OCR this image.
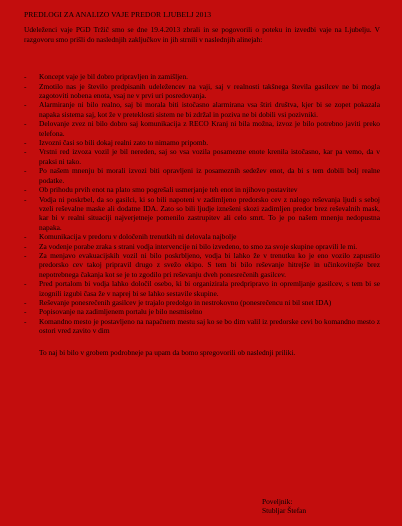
PREDLOGI ZA ANALIZO VAJE PREDOR LJUBELJ 2013

Udeleženci vaje PGD Tržič smo se dne 19.4.2013 zbrali in se pogovorili o poteku in izvedbi vaje na Ljubelju. V razgovoru smo prišli do naslednjih zaključkov in jih strnili v naslednjih alinejah:

- Koncept vaje je bil dobro pripravljen in zamišljen.
- Zmotilo nas je število predpisanih udeležencev na vaji, saj v realnosti takšnega števila gasilcev ne bi mogla zagotoviti nobena enota, vsaj ne v prvi uri posredovanja.
- Alarmiranje ni bilo realno, saj bi morala biti istočasno alarmirana vsa štiri društva, kjer bi se zopet pokazala napaka sistema saj, kot že v preteklosti sistem ne bi zdržal in poziva ne bi dobili vsi pozivniki.
- Delovanje zvez ni bilo dobro saj komunikacija z RECO Kranj ni bila možna, izvoz je bilo potrebno javiti preko telefona.
- Izvozni časi so bili dokaj realni zato to nimamo pripomb.
- Vrstni red izvoza vozil je bil nereden, saj so vsa vozila posamezne enote krenila istočasno, kar pa vemo, da v praksi ni tako.
- Po našem mnenju bi morali izvozi biti opravljeni iz posameznih sedežev enot, da bi s tem dobili bolj realne podatke.
- Ob prihodu prvih enot na plato smo pogrešali usmerjanje teh enot in njihovo postavitev
- Vodja ni poskrbel, da so gasilci, ki so bili napoteni v zadimljeno predorsko cev z nalogo reševanja ljudi s seboj vzeli reševalne maske ali dodatne IDA. Zato so bili ljudje iznešeni skozi zadimljen predor brez reševalnih mask, kar bi v realni situaciji najverjetneje pomenilo zastrupitev ali celo smrt. To je po našem mnenju nedopustna napaka.
- Komunikacija v predoru v določenih trenutkih ni delovala najbolje
- Za vodenje porabe zraka s strani vodja intervencije ni bilo izvedeno, to smo za svoje skupine opravili le mi.
- Za menjavo evakuacijskih vozil ni bilo poskrbljeno, vodja bi lahko že v trenutku ko je eno vozilo zapustilo predorsko cev takoj pripravil drugo z svežo ekipo. S tem bi bilo reševanje hitrejše in učinkovitejše brez nepotrebnega čakanja kot se je to zgodilo pri reševanju dveh ponesrečenih gasilcev.
- Pred portalom bi vodja lahko določil osebo, ki bi organizirala predpripravo in opremljanje gasilcev, s tem bi se izognili izgubi časa že v naprej bi se lahko sestavile skupine.
- Reševanje ponesrečenih gasilcev je trajalo predolgo in nestrokovno (ponesrečencu ni bil snet IDA)
- Popisovanje na zadimljenem portalu je bilo nesmiselno
- Komandno mesto je postavljeno na napačnem mestu saj ko se bo dim valil iz predorske cevi bo komandno mesto z ostori vred zavito v dim

To naj bi bilo v grobem podrobneje pa upam da bomo spregovorili ob naslednji priliki.

Poveljnik:
Stubljar Štefan
